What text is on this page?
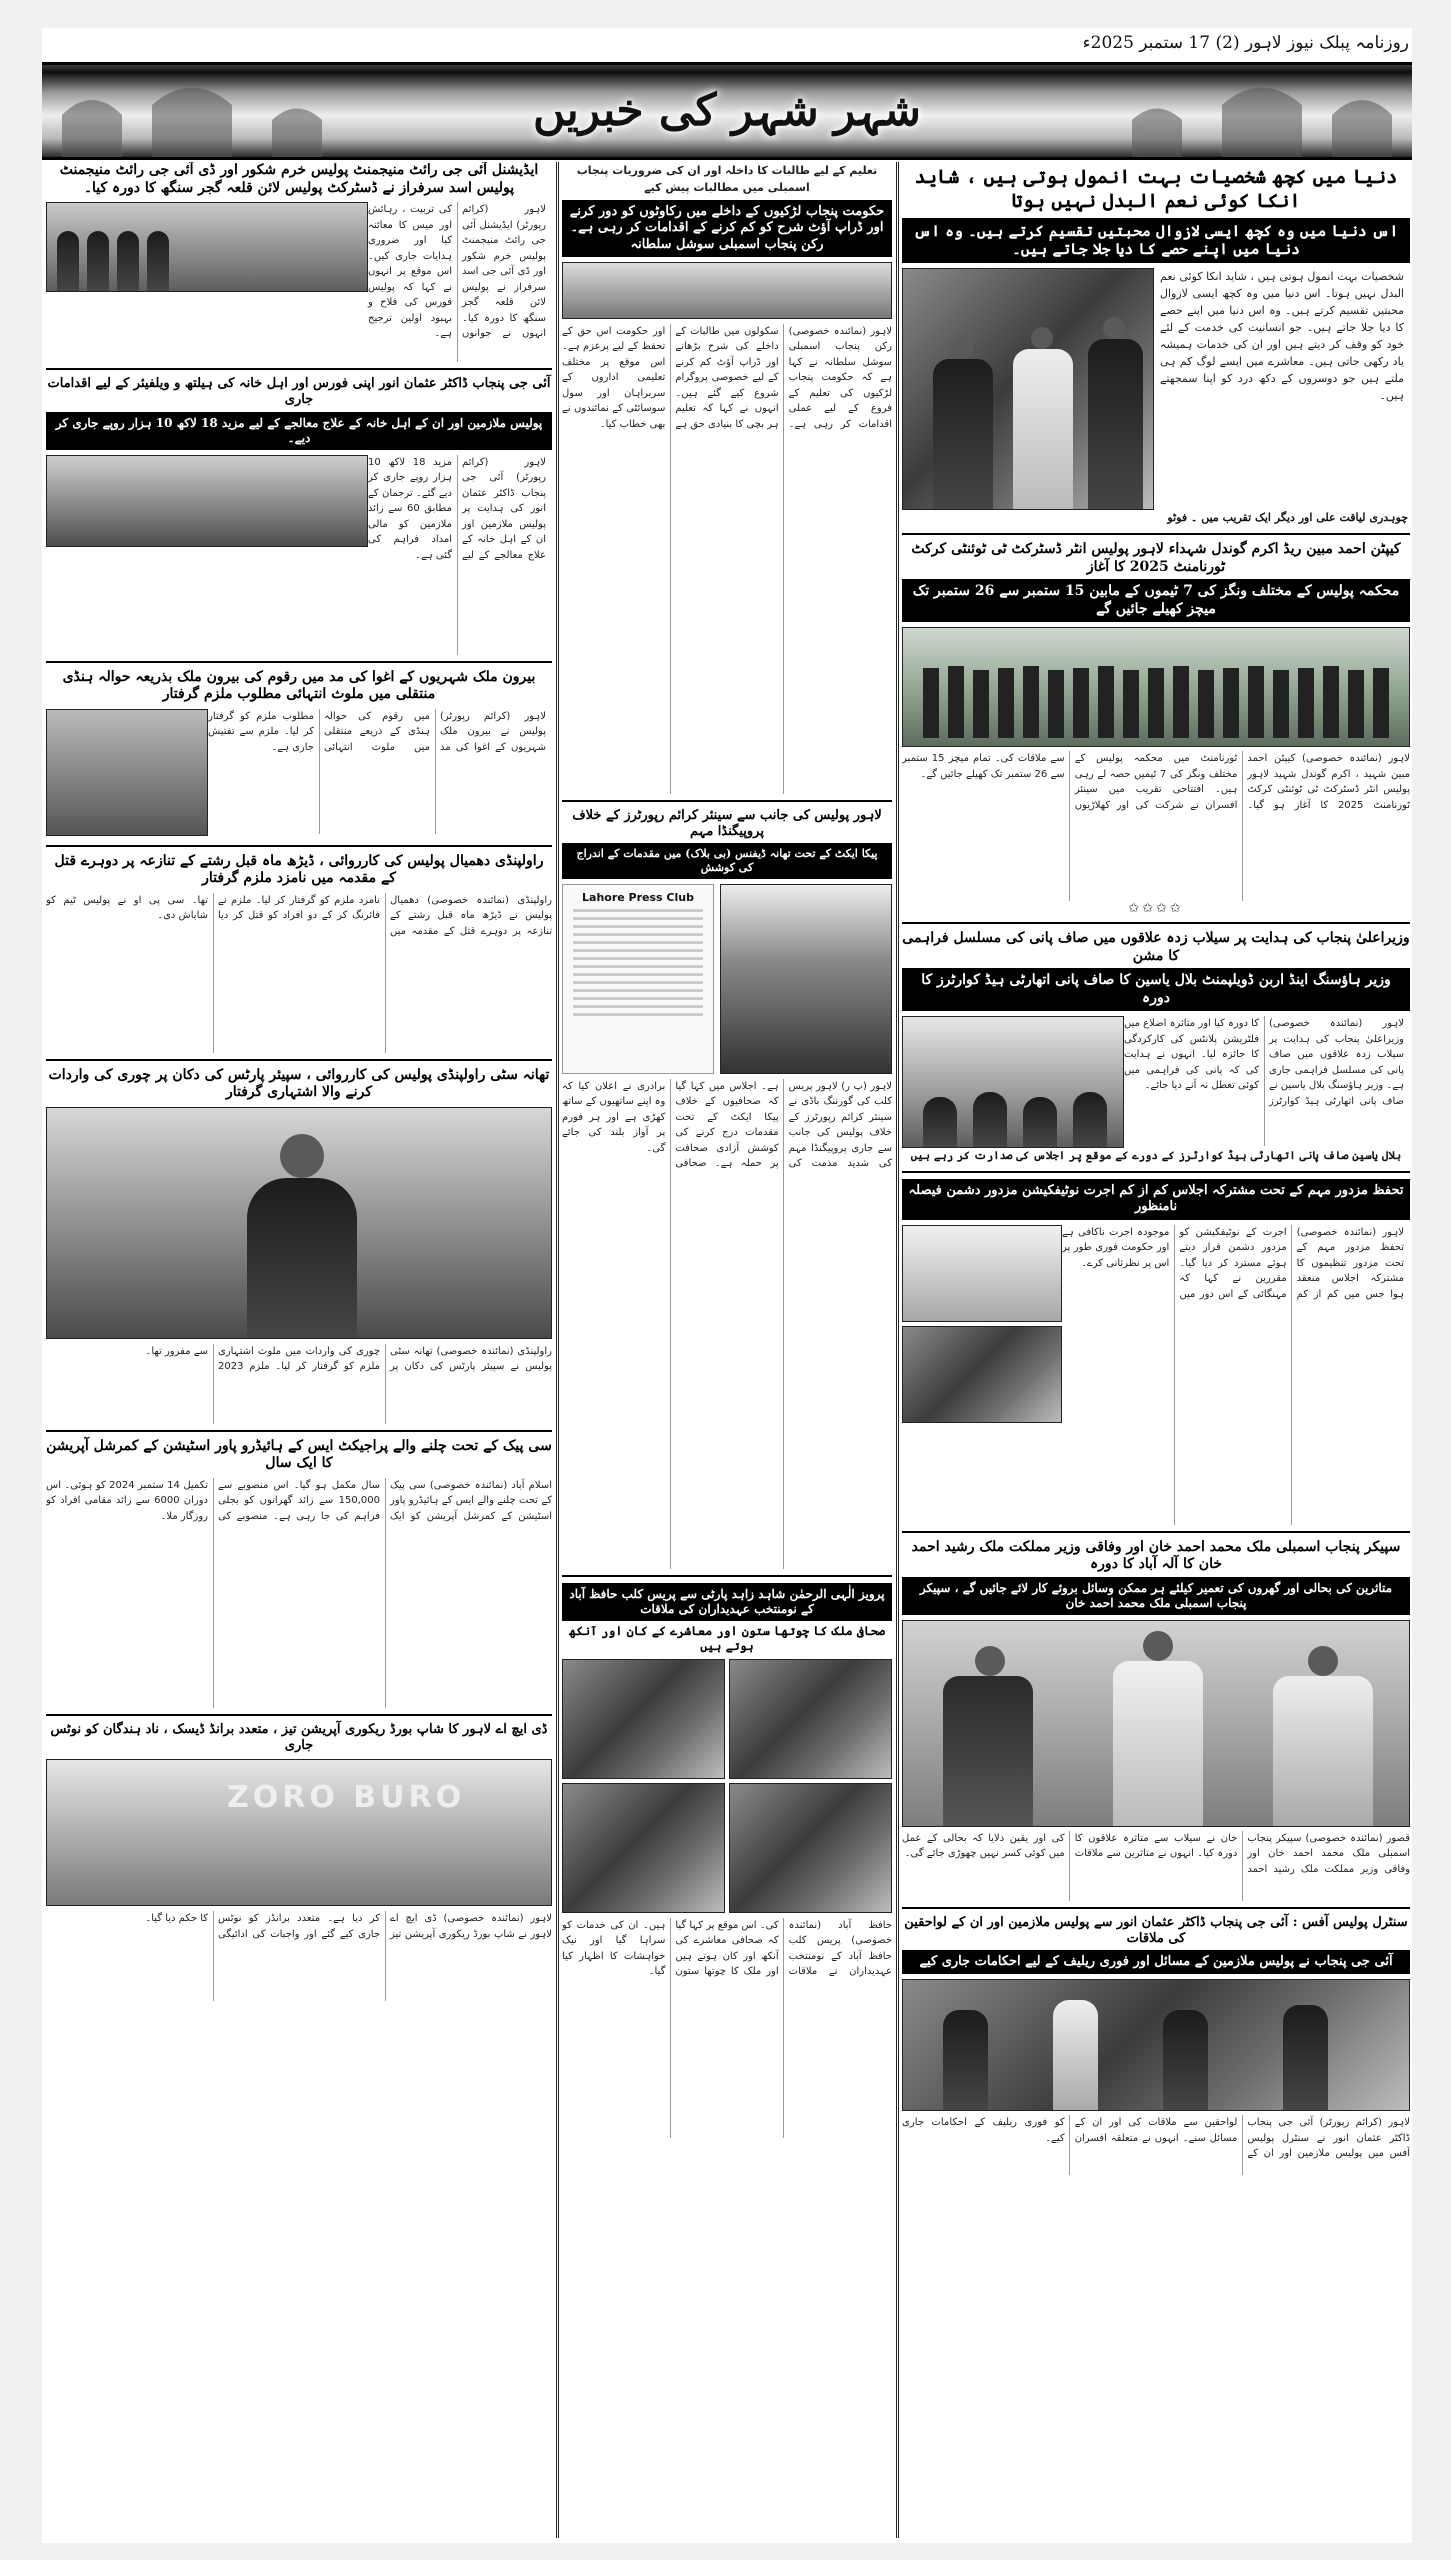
روزنامہ پبلک نیوز لاہور (2) 17 ستمبر 2025ء
شہر شہر کی خبریں
دنیا میں کچھ شخصیات بہت انمول ہوتی ہیں ، شاید انکا کوئی نعم البدل نہیں ہوتا
اس دنیا میں وہ کچھ ایسی لازوال محبتیں تقسیم کرتے ہیں۔ وہ اس دنیا میں اپنے حصے کا دیا جلا جاتے ہیں۔
شخصیات بہت انمول ہوتی ہیں ، شاید انکا کوئی نعم البدل نہیں ہوتا۔ اس دنیا میں وہ کچھ ایسی لازوال محبتیں تقسیم کرتے ہیں۔ وہ اس دنیا میں اپنے حصے کا دیا جلا جاتے ہیں۔ جو انسانیت کی خدمت کے لئے خود کو وقف کر دیتے ہیں اور ان کی خدمات ہمیشہ یاد رکھی جاتی ہیں۔ معاشرے میں ایسے لوگ کم ہی ملتے ہیں جو دوسروں کے دکھ درد کو اپنا سمجھتے ہیں۔
چوہدری لیاقت علی اور دیگر ایک تقریب میں ۔ فوٹو
کیپٹن احمد مبین ریڈ اکرم گوندل شہداء لاہور پولیس انٹر ڈسٹرکٹ ٹی ٹوئنٹی کرکٹ ٹورنامنٹ 2025 کا آغاز
محکمہ پولیس کے مختلف ونگز کی 7 ٹیموں کے مابین 15 ستمبر سے 26 ستمبر تک میچز کھیلے جائیں گے
لاہور (نمائندہ خصوصی) کیپٹن احمد مبین شہید ، اکرم گوندل شہید لاہور پولیس انٹر ڈسٹرکٹ ٹی ٹوئنٹی کرکٹ ٹورنامنٹ 2025 کا آغاز ہو گیا۔ ٹورنامنٹ میں محکمہ پولیس کے مختلف ونگز کی 7 ٹیمیں حصہ لے رہی ہیں۔ افتتاحی تقریب میں سینئر افسران نے شرکت کی اور کھلاڑیوں سے ملاقات کی۔ تمام میچز 15 ستمبر سے 26 ستمبر تک کھیلے جائیں گے۔
✩✩✩✩
وزیراعلیٰ پنجاب کی ہدایت پر سیلاب زدہ علاقوں میں صاف پانی کی مسلسل فراہمی کا مشن
وزیر ہاؤسنگ اینڈ اربن ڈویلپمنٹ بلال یاسین کا صاف پانی اتھارٹی ہیڈ کوارٹرز کا دورہ
لاہور (نمائندہ خصوصی) وزیراعلیٰ پنجاب کی ہدایت پر سیلاب زدہ علاقوں میں صاف پانی کی مسلسل فراہمی جاری ہے۔ وزیر ہاؤسنگ بلال یاسین نے صاف پانی اتھارٹی ہیڈ کوارٹرز کا دورہ کیا اور متاثرہ اضلاع میں فلٹریشن پلانٹس کی کارکردگی کا جائزہ لیا۔ انہوں نے ہدایت کی کہ پانی کی فراہمی میں کوئی تعطل نہ آنے دیا جائے۔
بلال یاسین صاف پانی اتھارٹی ہیڈ کوارٹرز کے دورے کے موقع پر اجلاس کی صدارت کر رہے ہیں
تحفظ مزدور مہم کے تحت مشترکہ اجلاس کم از کم اجرت نوٹیفکیشن مزدور دشمن فیصلہ نامنظور
لاہور (نمائندہ خصوصی) تحفظ مزدور مہم کے تحت مزدور تنظیموں کا مشترکہ اجلاس منعقد ہوا جس میں کم از کم اجرت کے نوٹیفکیشن کو مزدور دشمن قرار دیتے ہوئے مسترد کر دیا گیا۔ مقررین نے کہا کہ مہنگائی کے اس دور میں موجودہ اجرت ناکافی ہے اور حکومت فوری طور پر اس پر نظرثانی کرے۔
سپیکر پنجاب اسمبلی ملک محمد احمد خان اور وفاقی وزیر مملکت ملک رشید احمد خان کا آلہ آباد کا دورہ
متاثرین کی بحالی اور گھروں کی تعمیر کیلئے ہر ممکن وسائل بروئے کار لائے جائیں گے ، سپیکر پنجاب اسمبلی ملک محمد احمد خان
قصور (نمائندہ خصوصی) سپیکر پنجاب اسمبلی ملک محمد احمد خان اور وفاقی وزیر مملکت ملک رشید احمد خان نے سیلاب سے متاثرہ علاقوں کا دورہ کیا۔ انہوں نے متاثرین سے ملاقات کی اور یقین دلایا کہ بحالی کے عمل میں کوئی کسر نہیں چھوڑی جائے گی۔
سنٹرل پولیس آفس : آئی جی پنجاب ڈاکٹر عثمان انور سے پولیس ملازمین اور ان کے لواحقین کی ملاقات
آئی جی پنجاب نے پولیس ملازمین کے مسائل اور فوری ریلیف کے لیے احکامات جاری کیے
لاہور (کرائم رپورٹر) آئی جی پنجاب ڈاکٹر عثمان انور نے سنٹرل پولیس آفس میں پولیس ملازمین اور ان کے لواحقین سے ملاقات کی اور ان کے مسائل سنے۔ انہوں نے متعلقہ افسران کو فوری ریلیف کے احکامات جاری کیے۔
تعلیم کے لیے طالبات کا داخلہ اور ان کی ضروریات پنجاب اسمبلی میں مطالبات پیش کیے
حکومت پنجاب لڑکیوں کے داخلے میں رکاوٹوں کو دور کرنے اور ڈراپ آؤٹ شرح کو کم کرنے کے اقدامات کر رہی ہے۔ رکن پنجاب اسمبلی سوشل سلطانہ
لاہور (نمائندہ خصوصی) رکن پنجاب اسمبلی سوشل سلطانہ نے کہا ہے کہ حکومت پنجاب لڑکیوں کی تعلیم کے فروغ کے لیے عملی اقدامات کر رہی ہے۔ سکولوں میں طالبات کے داخلے کی شرح بڑھانے اور ڈراپ آؤٹ کم کرنے کے لیے خصوصی پروگرام شروع کیے گئے ہیں۔ انہوں نے کہا کہ تعلیم ہر بچی کا بنیادی حق ہے اور حکومت اس حق کے تحفظ کے لیے پرعزم ہے۔ اس موقع پر مختلف تعلیمی اداروں کے سربراہان اور سول سوسائٹی کے نمائندوں نے بھی خطاب کیا۔
لاہور پولیس کی جانب سے سینئر کرائم رپورٹرز کے خلاف پروپیگنڈا مہم
پیکا ایکٹ کے تحت تھانہ ڈیفنس (بی بلاک) میں مقدمات کے اندراج کی کوشش
Lahore Press Club
لاہور (پ ر) لاہور پریس کلب کی گورننگ باڈی نے سینئر کرائم رپورٹرز کے خلاف پولیس کی جانب سے جاری پروپیگنڈا مہم کی شدید مذمت کی ہے۔ اجلاس میں کہا گیا کہ صحافیوں کے خلاف پیکا ایکٹ کے تحت مقدمات درج کرنے کی کوشش آزادی صحافت پر حملہ ہے۔ صحافی برادری نے اعلان کیا کہ وہ اپنے ساتھیوں کے ساتھ کھڑی ہے اور ہر فورم پر آواز بلند کی جائے گی۔
پرویز الٰہی الرحمٰن شاہد زاہد پارٹی سے پریس کلب حافظ آباد کے نومنتخب عہدیداران کی ملاقات
صحافی ملک کا چوتھا ستون اور معاشرے کے کان اور آنکھ ہوتے ہیں
حافظ آباد (نمائندہ خصوصی) پریس کلب حافظ آباد کے نومنتخب عہدیداران نے ملاقات کی۔ اس موقع پر کہا گیا کہ صحافی معاشرے کی آنکھ اور کان ہوتے ہیں اور ملک کا چوتھا ستون ہیں۔ ان کی خدمات کو سراہا گیا اور نیک خواہشات کا اظہار کیا گیا۔
ایڈیشنل آئی جی رائٹ منیجمنٹ پولیس خرم شکور اور ڈی آئی جی رائٹ منیجمنٹ پولیس اسد سرفراز نے ڈسٹرکٹ پولیس لائن قلعہ گجر سنگھ کا دورہ کیا۔
لاہور (کرائم رپورٹر) ایڈیشنل آئی جی رائٹ منیجمنٹ پولیس خرم شکور اور ڈی آئی جی اسد سرفراز نے پولیس لائن قلعہ گجر سنگھ کا دورہ کیا۔ انہوں نے جوانوں کی تربیت ، رہائش اور میس کا معائنہ کیا اور ضروری ہدایات جاری کیں۔ اس موقع پر انہوں نے کہا کہ پولیس فورس کی فلاح و بہبود اولین ترجیح ہے۔
آئی جی پنجاب ڈاکٹر عثمان انور اپنی فورس اور اہل خانہ کی ہیلتھ و ویلفیئر کے لیے اقدامات جاری
پولیس ملازمین اور ان کے اہل خانہ کے علاج معالجے کے لیے مزید 18 لاکھ 10 ہزار روپے جاری کر دیے۔
لاہور (کرائم رپورٹر) آئی جی پنجاب ڈاکٹر عثمان انور کی ہدایت پر پولیس ملازمین اور ان کے اہل خانہ کے علاج معالجے کے لیے مزید 18 لاکھ 10 ہزار روپے جاری کر دیے گئے۔ ترجمان کے مطابق 60 سے زائد ملازمین کو مالی امداد فراہم کی گئی ہے۔
بیرون ملک شہریوں کے اغوا کی مد میں رقوم کی بیرون ملک بذریعہ حوالہ ہنڈی منتقلی میں ملوث انتہائی مطلوب ملزم گرفتار
لاہور (کرائم رپورٹر) پولیس نے بیرون ملک شہریوں کے اغوا کی مد میں رقوم کی حوالہ ہنڈی کے ذریعے منتقلی میں ملوث انتہائی مطلوب ملزم کو گرفتار کر لیا۔ ملزم سے تفتیش جاری ہے۔
راولپنڈی دھمیال پولیس کی کارروائی ، ڈیڑھ ماہ قبل رشتے کے تنازعہ پر دوہرے قتل کے مقدمہ میں نامزد ملزم گرفتار
راولپنڈی (نمائندہ خصوصی) دھمیال پولیس نے ڈیڑھ ماہ قبل رشتے کے تنازعہ پر دوہرے قتل کے مقدمہ میں نامزد ملزم کو گرفتار کر لیا۔ ملزم نے فائرنگ کر کے دو افراد کو قتل کر دیا تھا۔ سی پی او نے پولیس ٹیم کو شاباش دی۔
تھانہ سٹی راولپنڈی پولیس کی کارروائی ، سپیئر پارٹس کی دکان پر چوری کی واردات کرنے والا اشتہاری گرفتار
راولپنڈی (نمائندہ خصوصی) تھانہ سٹی پولیس نے سپیئر پارٹس کی دکان پر چوری کی واردات میں ملوث اشتہاری ملزم کو گرفتار کر لیا۔ ملزم 2023 سے مفرور تھا۔
سی پیک کے تحت چلنے والے پراجیکٹ ایس کے ہائیڈرو پاور اسٹیشن کے کمرشل آپریشن کا ایک سال
اسلام آباد (نمائندہ خصوصی) سی پیک کے تحت چلنے والے ایس کے ہائیڈرو پاور اسٹیشن کے کمرشل آپریشن کو ایک سال مکمل ہو گیا۔ اس منصوبے سے 150,000 سے زائد گھرانوں کو بجلی فراہم کی جا رہی ہے۔ منصوبے کی تکمیل 14 ستمبر 2024 کو ہوئی۔ اس دوران 6000 سے زائد مقامی افراد کو روزگار ملا۔
ڈی ایچ اے لاہور کا شاپ بورڈ ریکوری آپریشن تیز ، متعدد برانڈ ڈیسک ، ناد ہندگان کو نوٹس جاری
ZORO BURO
لاہور (نمائندہ خصوصی) ڈی ایچ اے لاہور نے شاپ بورڈ ریکوری آپریشن تیز کر دیا ہے۔ متعدد برانڈز کو نوٹس جاری کیے گئے اور واجبات کی ادائیگی کا حکم دیا گیا۔
